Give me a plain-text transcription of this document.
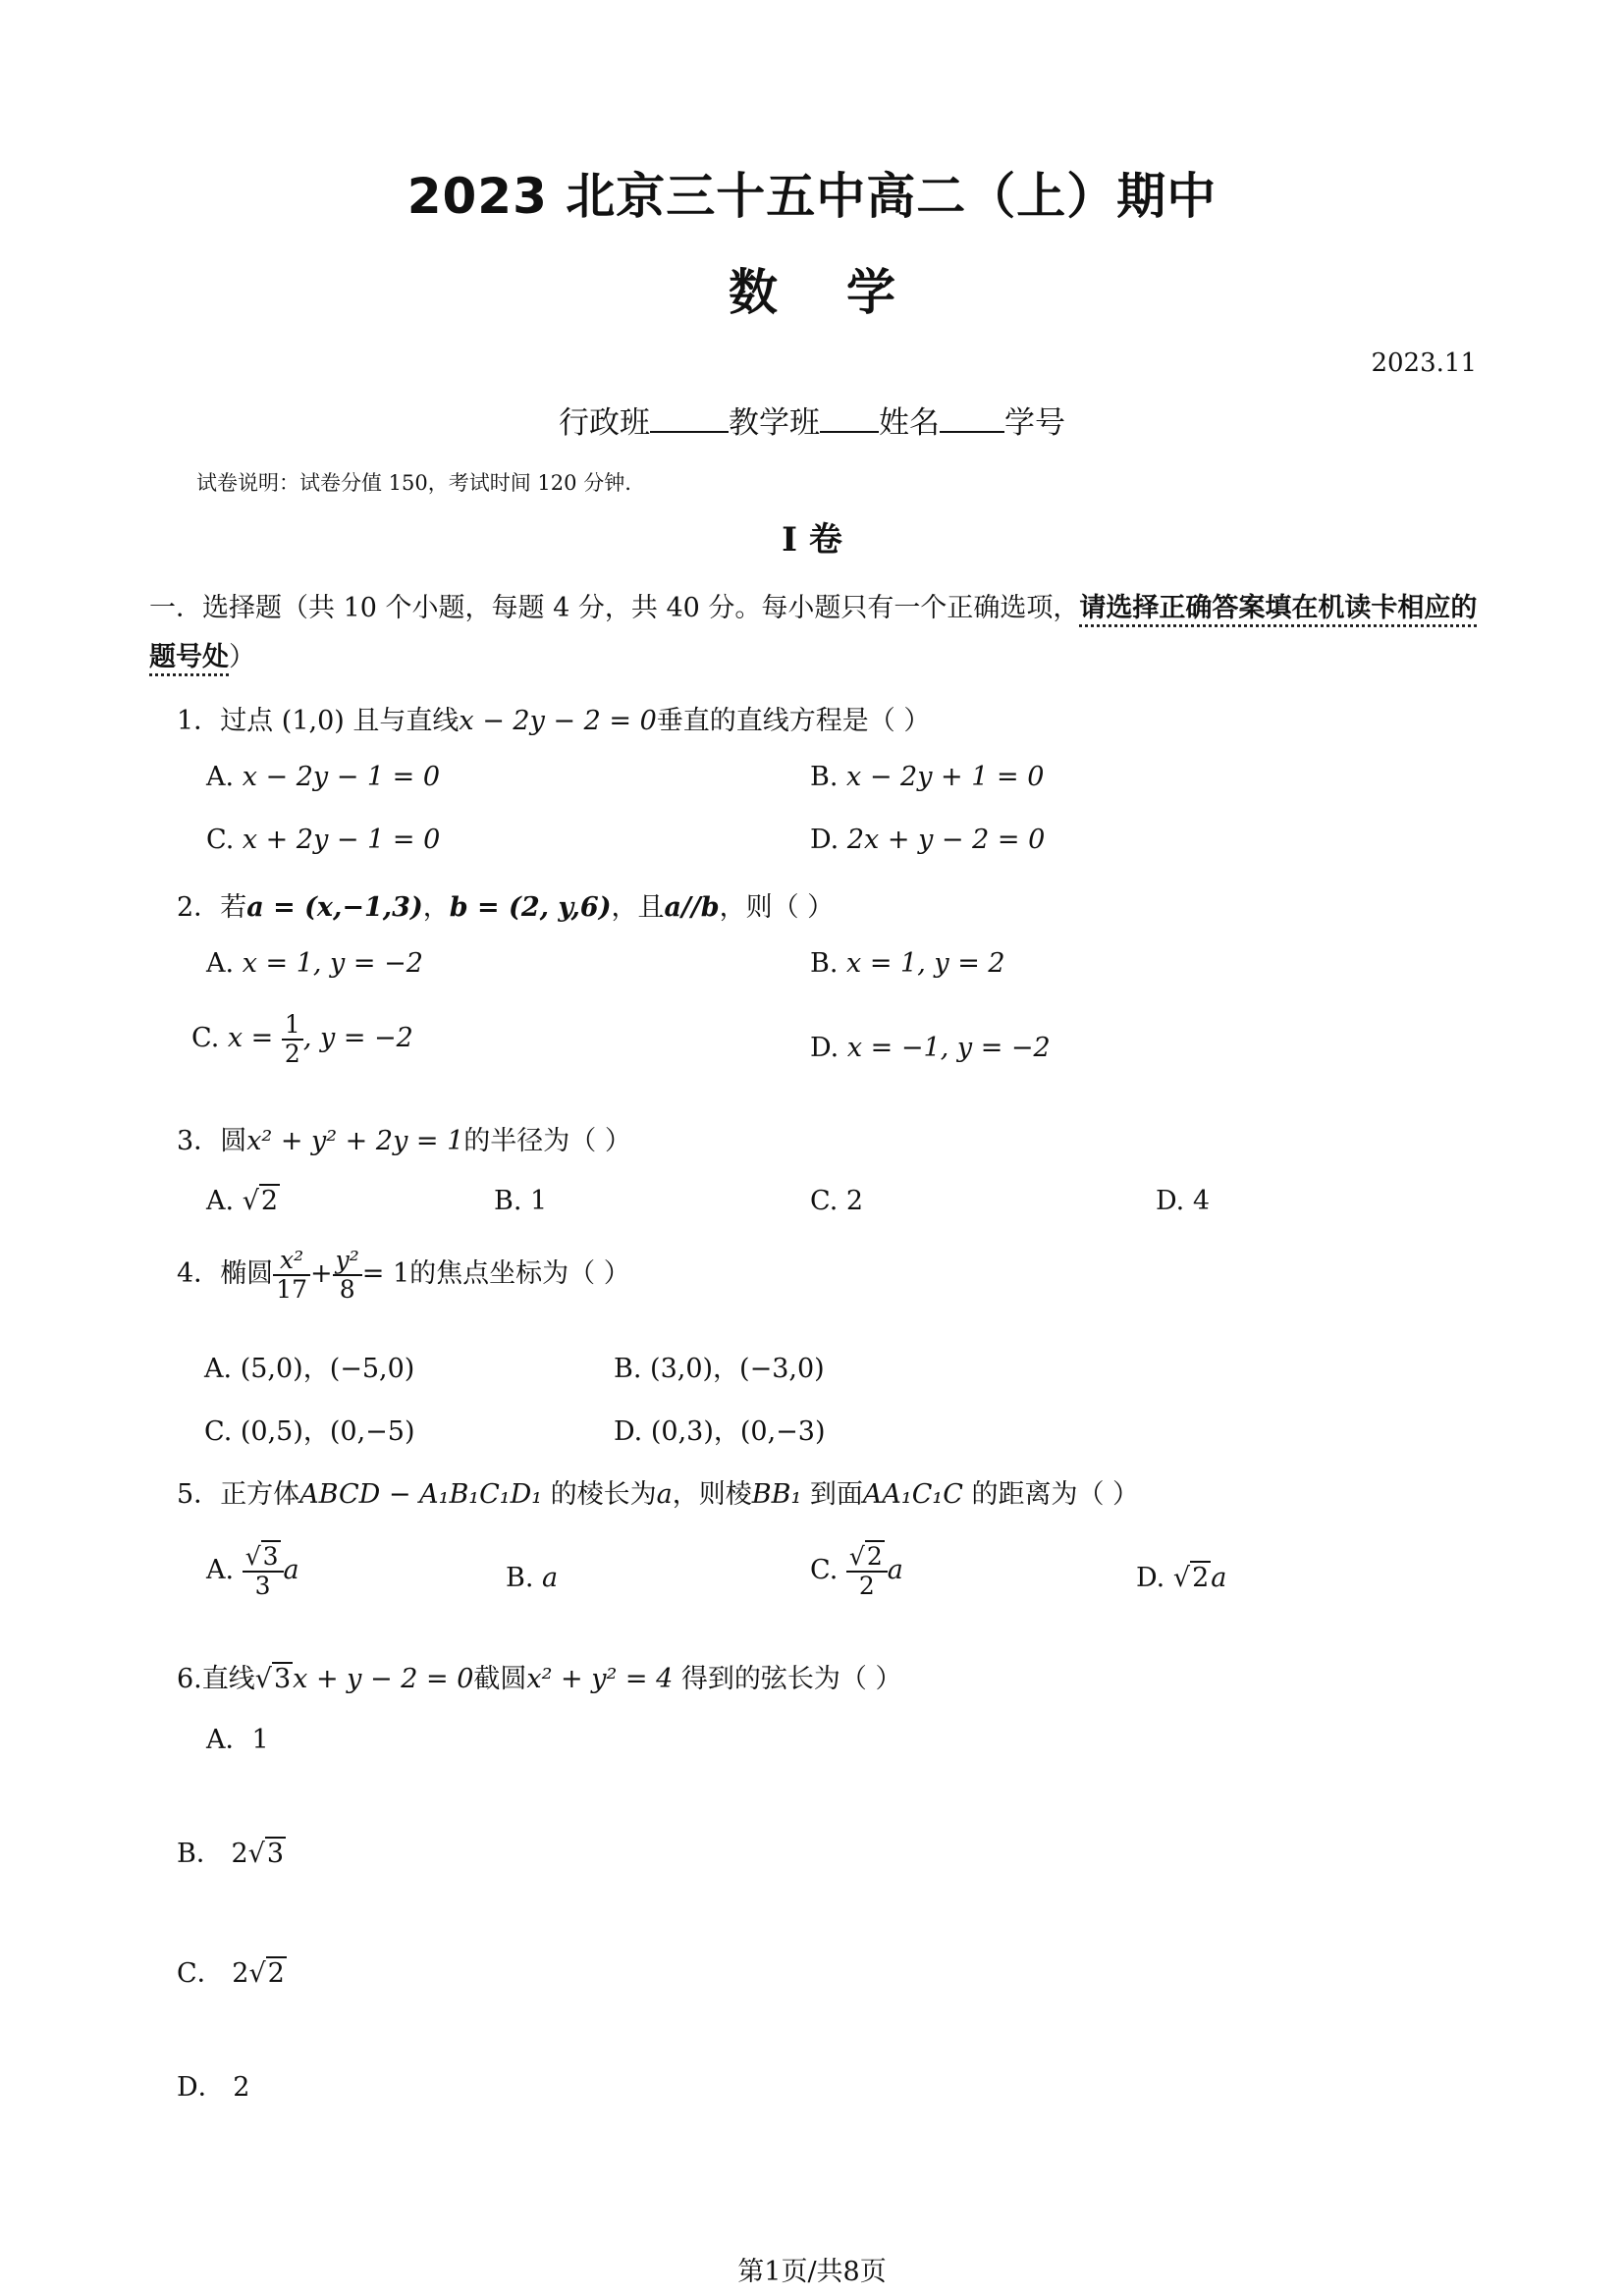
2023 北京三十五中高二（上）期中
数学
2023.11
行政班	教学班 姓名 学号
试卷说明：试卷分值 150，考试时间 120 分钟.
I 卷
一．选择题（共 10 个小题，每题 4 分，共 40 分。每小题只有一个正确选项，请选择正确答案填在机读卡相应的题号处）
1．过点 (1,0) 且与直线x − 2y − 2 = 0垂直的直线方程是（ ）
A. x − 2y − 1 = 0	B. x − 2y + 1 = 0
C. x + 2y − 1 = 0	D. 2x + y − 2 = 0
2．若a = (x,−1,3)，b = (2, y,6)，且a//b，则（ ）
A. x = 1, y = −2	B. x = 1, y = 2
C. $x = \frac{1}{2}$ , y = −2	D. x = −1, y = −2
3．圆x² + y² + 2y = 1的半径为（ ）
A. √2	B. 1	C. 2	D. 4
4．椭圆 $\frac{\text{x²}}{17} + \frac{\text{y²}}{8} = 1$的焦点坐标为（ ）
A. (5,0)，(−5,0)	B. (3,0)，(−3,0)
C. (0,5)，(0,−5)	D. (0,3)，(0,−3)
5．正方体ABCD − A₁B₁C₁D₁ 的棱长为a，则棱BB₁ 到面AA₁C₁C 的距离为（ ）
A. $\frac{√3}{3}$ a	B. a	C. $\frac{√2}{2}$ a	D. √2a
6.直线√3x + y − 2 = 0截圆x² + y² = 4 得到的弦长为（ ）
A．1
B． 2√3
C． 2√2
D． 2
第1页/共8页
